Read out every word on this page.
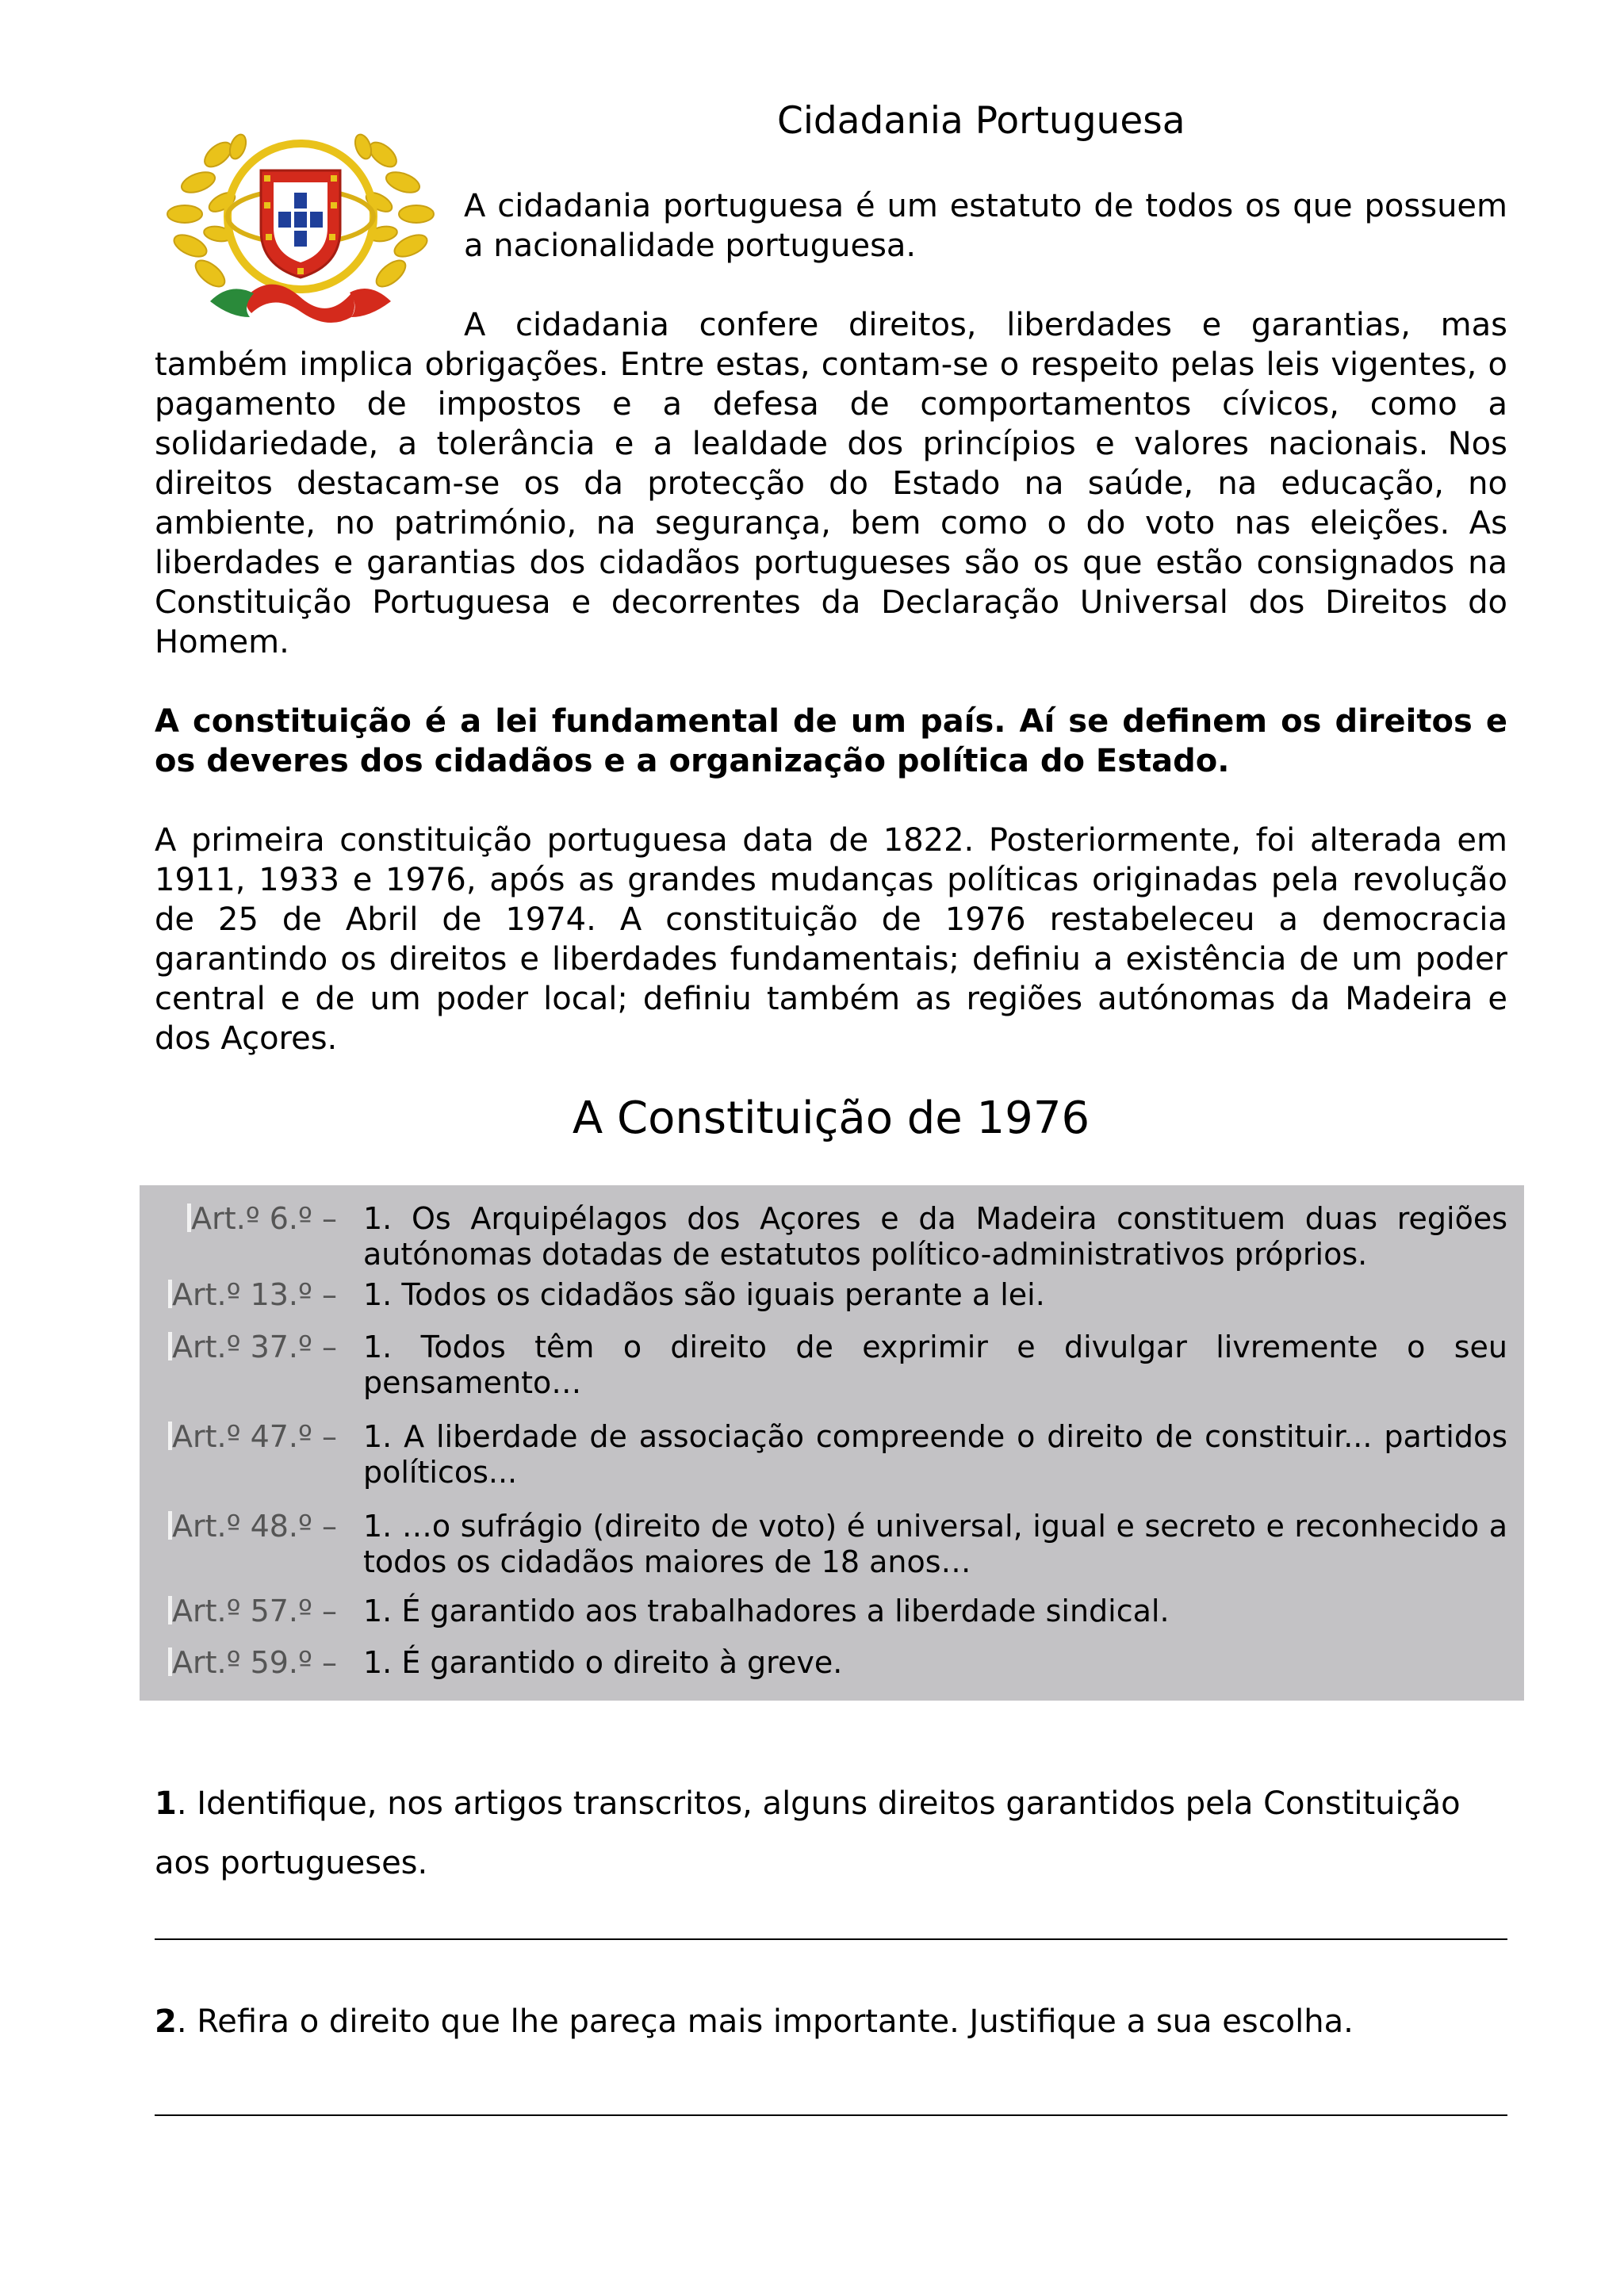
Cidadania Portuguesa

A cidadania portuguesa é um estatuto de todos os que possuem a nacionalidade portuguesa.

A cidadania confere direitos, liberdades e garantias, mas também implica obrigações. Entre estas, contam-se o respeito pelas leis vigentes, o pagamento de impostos e a defesa de comportamentos cívicos, como a solidariedade, a tolerância e a lealdade dos princípios e valores nacionais. Nos direitos destacam-se os da protecção do Estado na saúde, na educação, no ambiente, no património, na segurança, bem como o do voto nas eleições. As liberdades e garantias dos cidadãos portugueses são os que estão consignados na Constituição Portuguesa e decorrentes da Declaração Universal dos Direitos do Homem.

A constituição é a lei fundamental de um país. Aí se definem os direitos e os deveres dos cidadãos e a organização política do Estado.

A primeira constituição portuguesa data de 1822. Posteriormente, foi alterada em 1911, 1933 e 1976, após as grandes mudanças políticas originadas pela revolução de 25 de Abril de 1974. A constituição de 1976 restabeleceu a democracia garantindo os direitos e liberdades fundamentais; definiu a existência de um poder central e de um poder local; definiu também as regiões autónomas da Madeira e dos Açores.

A Constituição de 1976
Art.º 6.º – 1. Os Arquipélagos dos Açores e da Madeira constituem duas regiões autónomas dotadas de estatutos político-administrativos próprios.
Art.º 13.º – 1. Todos os cidadãos são iguais perante a lei.
Art.º 37.º – 1. Todos têm o direito de exprimir e divulgar livremente o seu pensamento…
Art.º 47.º – 1. A liberdade de associação compreende o direito de constituir... partidos políticos...
Art.º 48.º – 1. …o sufrágio (direito de voto) é universal, igual e secreto e reconhecido a todos os cidadãos maiores de 18 anos…
Art.º 57.º – 1. É garantido aos trabalhadores a liberdade sindical.
Art.º 59.º – 1. É garantido o direito à greve.

1. Identifique, nos artigos transcritos, alguns direitos garantidos pela Constituição aos portugueses.

2. Refira o direito que lhe pareça mais importante. Justifique a sua escolha.
